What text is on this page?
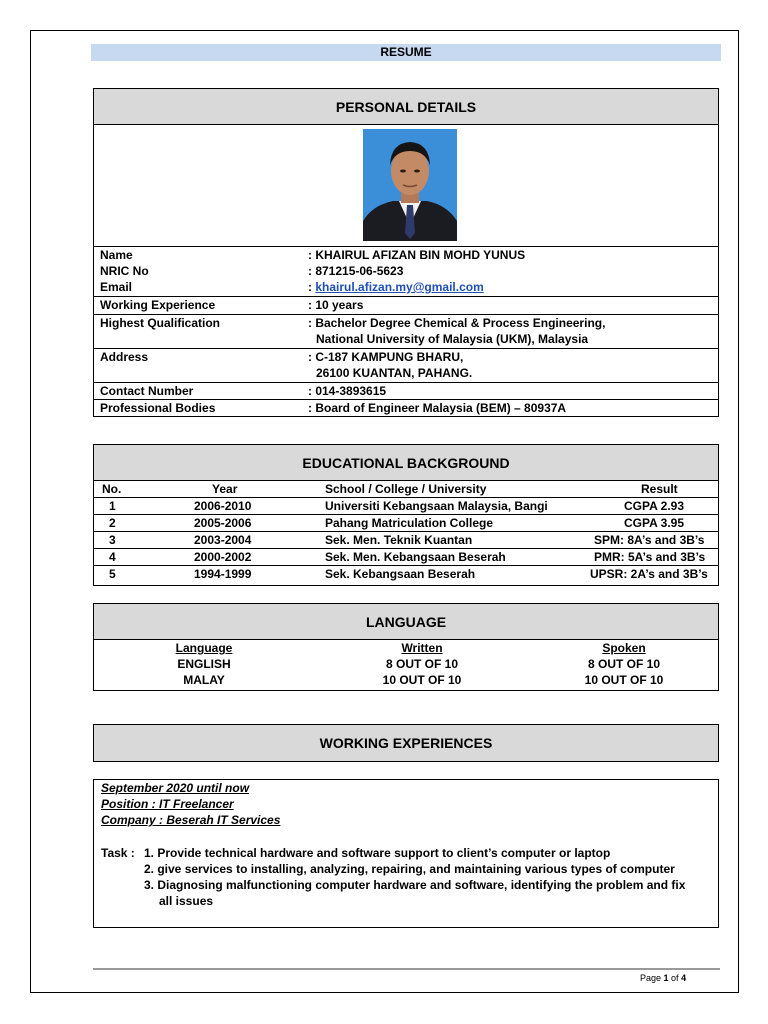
RESUME
PERSONAL DETAILS
Name	: KHAIRUL AFIZAN BIN MOHD YUNUS
NRIC No	: 871215-06-5623
Email	: khairul.afizan.my@gmail.com
Working Experience	: 10 years
Highest Qualification	: Bachelor Degree Chemical & Process Engineering,
National University of Malaysia (UKM), Malaysia
Address	: C-187 KAMPUNG BHARU,
26100 KUANTAN, PAHANG.
Contact Number	: 014-3893615
Professional Bodies	: Board of Engineer Malaysia (BEM) – 80937A
EDUCATIONAL BACKGROUND
No.	Year	School / College / University	Result
1	2006-2010	Universiti Kebangsaan Malaysia, Bangi	CGPA 2.93
2	2005-2006	Pahang Matriculation College	CGPA 3.95
3	2003-2004	Sek. Men. Teknik Kuantan	SPM: 8A’s and 3B’s
4	2000-2002	Sek. Men. Kebangsaan Beserah	PMR: 5A’s and 3B’s
5	1994-1999	Sek. Kebangsaan Beserah	UPSR: 2A’s and 3B’s
LANGUAGE
Language	Written	Spoken
ENGLISH	8 OUT OF 10	8 OUT OF 10
MALAY	10 OUT OF 10	10 OUT OF 10
WORKING EXPERIENCES
September 2020 until now
Position : IT Freelancer
Company : Beserah IT Services
Task : 1. Provide technical hardware and software support to client’s computer or laptop
2. give services to installing, analyzing, repairing, and maintaining various types of computer
3. Diagnosing malfunctioning computer hardware and software, identifying the problem and fix
all issues
Page 1 of 4
